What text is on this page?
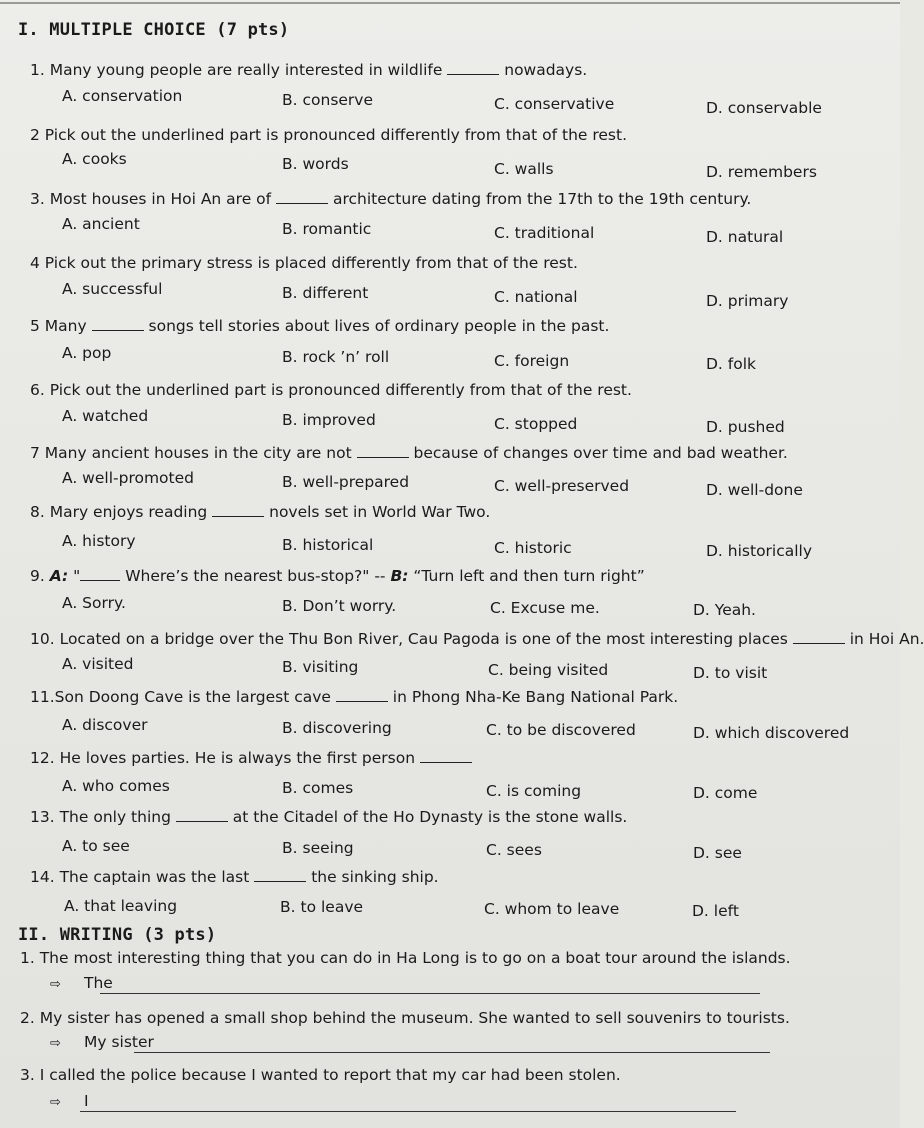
I. MULTIPLE CHOICE (7 pts)
1. Many young people are really interested in wildlife	nowadays.
A. conservation	B. conserve	C. conservative	D. conservable
2 Pick out the underlined part is pronounced differently from that of the rest.
A. cooks	B. words	C. walls	D. remembers
3. Most houses in Hoi An are of	architecture dating from the 17th to the 19th century.
A. ancient	B. romantic	C. traditional	D. natural
4 Pick out the primary stress is placed differently from that of the rest.
A. successful	B. different	C. national	D. primary
5 Many	songs tell stories about lives of ordinary people in the past.
A. pop	B. rock ’n’ roll	C. foreign	D. folk
6. Pick out the underlined part is pronounced differently from that of the rest.
A. watched	B. improved	C. stopped	D. pushed
7 Many ancient houses in the city are not	because of changes over time and bad weather.
A. well-promoted	B. well-prepared	C. well-preserved	D. well-done
8. Mary enjoys reading	novels set in World War Two.
A. history	B. historical	C. historic	D. historically
9. A: "	Where’s the nearest bus-stop?" -- B: “Turn left and then turn right”
A. Sorry.	B. Don’t worry.	C. Excuse me.	D. Yeah.
10. Located on a bridge over the Thu Bon River, Cau Pagoda is one of the most interesting places	in Hoi An.
A. visited	B. visiting	C. being visited	D. to visit
11.Son Doong Cave is the largest cave	in Phong Nha-Ke Bang National Park.
A. discover	B. discovering	C. to be discovered	D. which discovered
12. He loves parties. He is always the first person
A. who comes	B. comes	C. is coming	D. come
13. The only thing	at the Citadel of the Ho Dynasty is the stone walls.
A. to see	B. seeing	C. sees	D. see
14. The captain was the last	the sinking ship.
A. that leaving	B. to leave	C. whom to leave	D. left
II. WRITING (3 pts)
1. The most interesting thing that you can do in Ha Long is to go on a boat tour around the islands.
⇨ The
2. My sister has opened a small shop behind the museum. She wanted to sell souvenirs to tourists.
⇨ My sister
3. I called the police because I wanted to report that my car had been stolen.
⇨ I
